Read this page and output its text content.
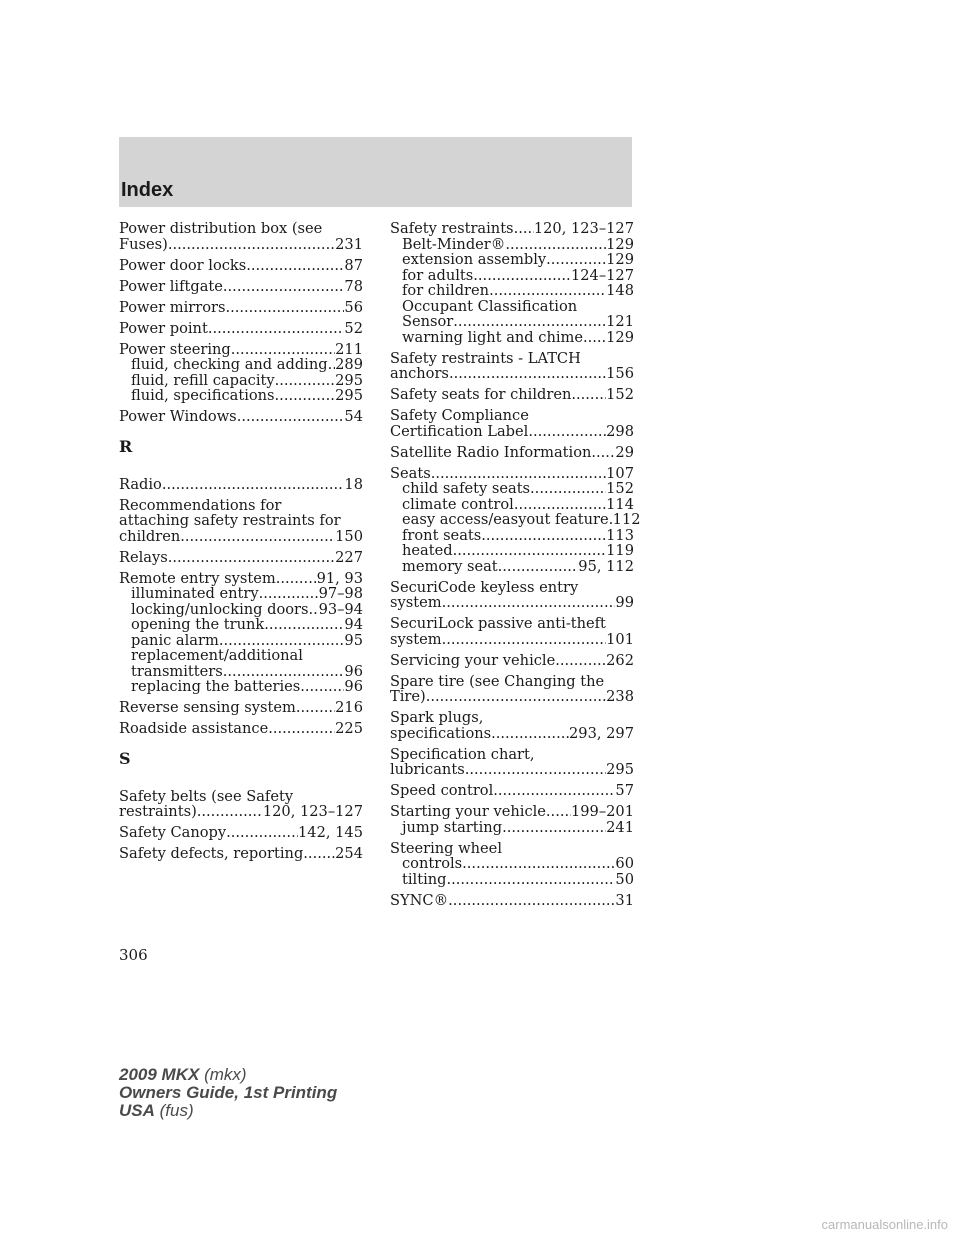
Index
Power distribution box (see
Fuses) .....	231
Power door locks .....	87
Power liftgate .....	78
Power mirrors .....	56
Power point .....	52
Power steering .....	211
fluid, checking and adding ..... 289
fluid, refill capacity .....	295
fluid, specifications .....	295
Power Windows .....	54
R
Radio .....	18
Recommendations for
attaching safety restraints for
children .....	150
Relays .....	227
Remote entry system .....	91, 93
illuminated entry .....	97–98
locking/unlocking doors ..... 93–94
opening the trunk .....	94
panic alarm .....	95
replacement/additional
transmitters .....	96
replacing the batteries .....	96
Reverse sensing system .....	216
Roadside assistance .....	225
S
Safety belts (see Safety
restraints) .....	120, 123–127
Safety Canopy .....	142, 145
Safety defects, reporting ..... 254
Safety restraints ..... 120, 123–127
Belt-Minder® .....	129
extension assembly .....	129
for adults .....	124–127
for children .....	148
Occupant Classification
Sensor .....	121
warning light and chime ..... 129
Safety restraints - LATCH
anchors .....	156
Safety seats for children ..... 152
Safety Compliance
Certification Label .....	298
Satellite Radio Information ..... 29
Seats .....	107
child safety seats .....	152
climate control .....	114
easy access/easyout feature ..... 112
front seats .....	113
heated .....	119
memory seat .....	95, 112
SecuriCode keyless entry
system .....	99
SecuriLock passive anti-theft
system .....	101
Servicing your vehicle .....	262
Spare tire (see Changing the
Tire) .....	238
Spark plugs,
specifications .....	293, 297
Specification chart,
lubricants .....	295
Speed control .....	57
Starting your vehicle ..... 199–201
jump starting .....	241
Steering wheel
controls .....	60
tilting .....	50
SYNC® .....	31
306
2009 MKX (mkx)
Owners Guide, 1st Printing
USA (fus)
carmanualsonline.info
